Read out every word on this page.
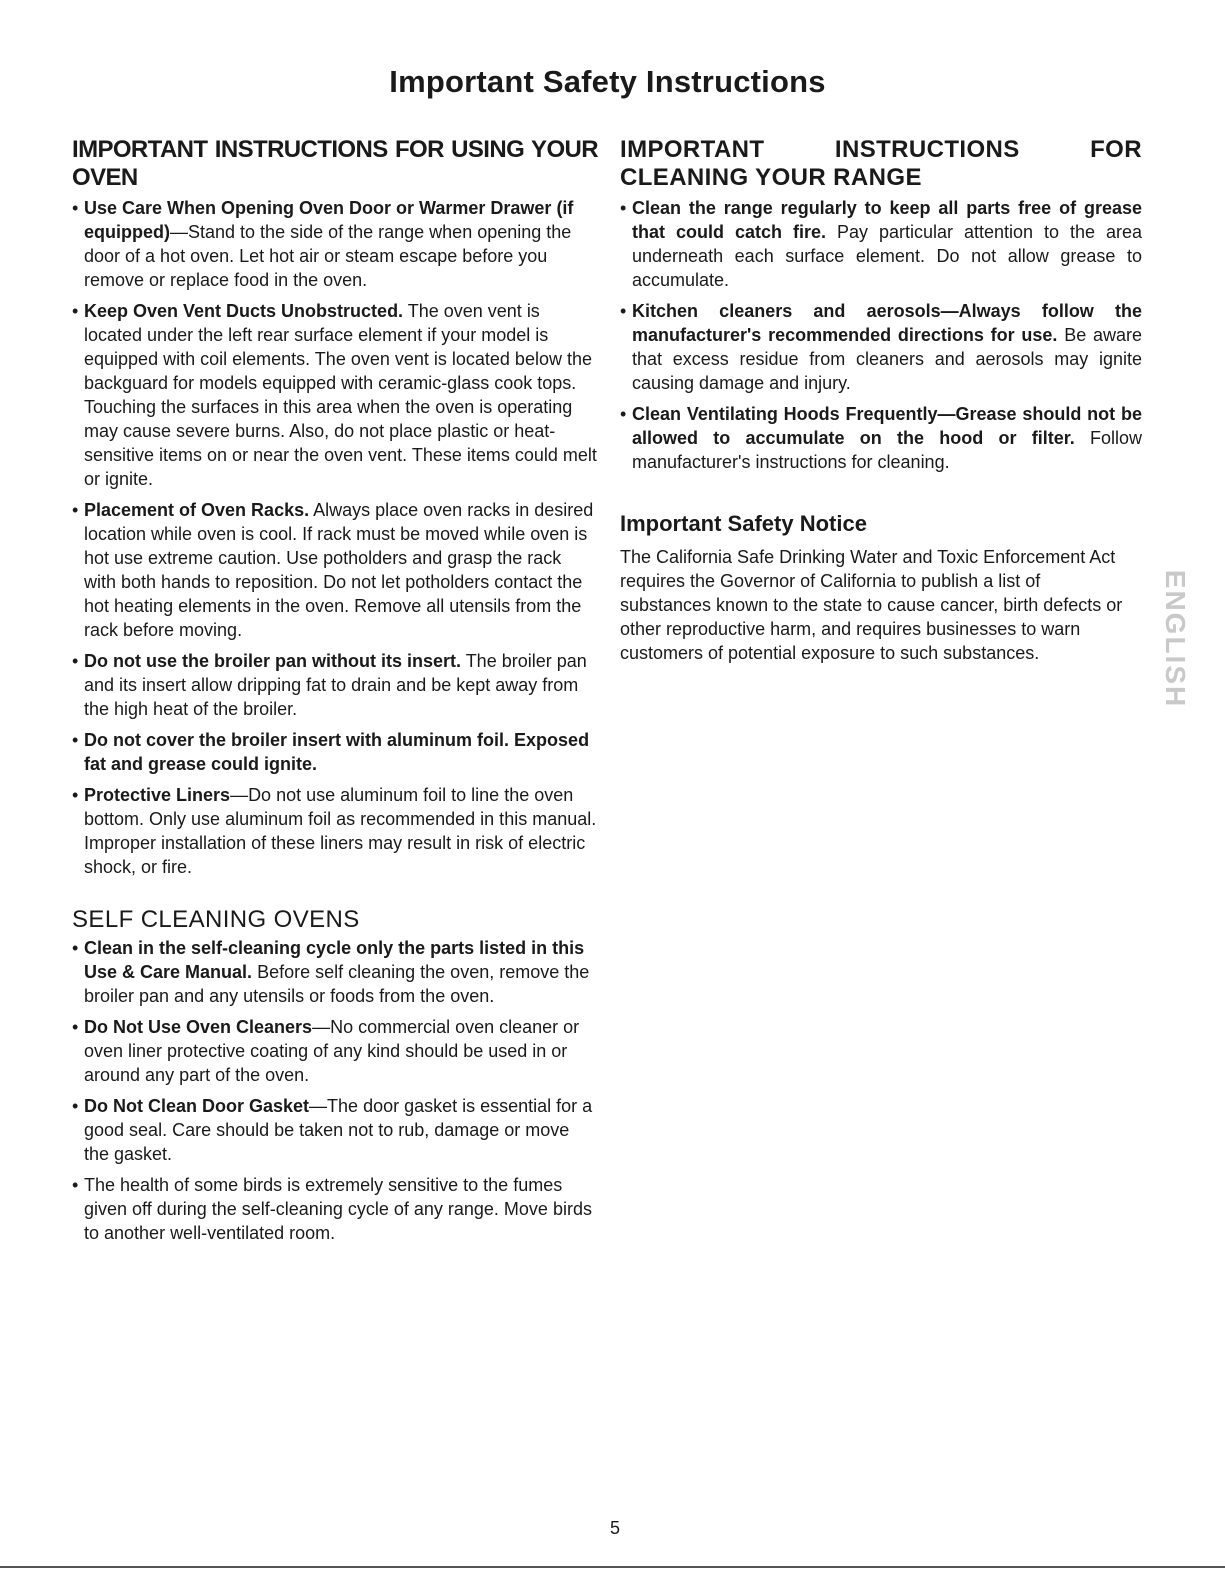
Important Safety Instructions
IMPORTANT INSTRUCTIONS FOR USING YOUR OVEN

• Use Care When Opening Oven Door or Warmer Drawer (if equipped)—Stand to the side of the range when opening the door of a hot oven. Let hot air or steam escape before you remove or replace food in the oven.

• Keep Oven Vent Ducts Unobstructed. The oven vent is located under the left rear surface element if your model is equipped with coil elements. The oven vent is located below the backguard for models equipped with ceramic-glass cook tops. Touching the surfaces in this area when the oven is operating may cause severe burns. Also, do not place plastic or heat-sensitive items on or near the oven vent. These items could melt or ignite.

• Placement of Oven Racks. Always place oven racks in desired location while oven is cool. If rack must be moved while oven is hot use extreme caution. Use potholders and grasp the rack with both hands to reposition. Do not let potholders contact the hot heating elements in the oven. Remove all utensils from the rack before moving.

• Do not use the broiler pan without its insert. The broiler pan and its insert allow dripping fat to drain and be kept away from the high heat of the broiler.

• Do not cover the broiler insert with aluminum foil. Exposed fat and grease could ignite.

• Protective Liners—Do not use aluminum foil to line the oven bottom. Only use aluminum foil as recommended in this manual. Improper installation of these liners may result in risk of electric shock, or fire.

SELF CLEANING OVENS

• Clean in the self-cleaning cycle only the parts listed in this Use & Care Manual. Before self cleaning the oven, remove the broiler pan and any utensils or foods from the oven.

• Do Not Use Oven Cleaners—No commercial oven cleaner or oven liner protective coating of any kind should be used in or around any part of the oven.

• Do Not Clean Door Gasket—The door gasket is essential for a good seal. Care should be taken not to rub, damage or move the gasket.

• The health of some birds is extremely sensitive to the fumes given off during the self-cleaning cycle of any range. Move birds to another well-ventilated room.

IMPORTANT INSTRUCTIONS FOR CLEANING YOUR RANGE

• Clean the range regularly to keep all parts free of grease that could catch fire. Pay particular attention to the area underneath each surface element. Do not allow grease to accumulate.

• Kitchen cleaners and aerosols—Always follow the manufacturer's recommended directions for use. Be aware that excess residue from cleaners and aerosols may ignite causing damage and injury.

• Clean Ventilating Hoods Frequently—Grease should not be allowed to accumulate on the hood or filter. Follow manufacturer's instructions for cleaning.

Important Safety Notice

The California Safe Drinking Water and Toxic Enforcement Act requires the Governor of California to publish a list of substances known to the state to cause cancer, birth defects or other reproductive harm, and requires businesses to warn customers of potential exposure to such substances.	ENGLISH
5
